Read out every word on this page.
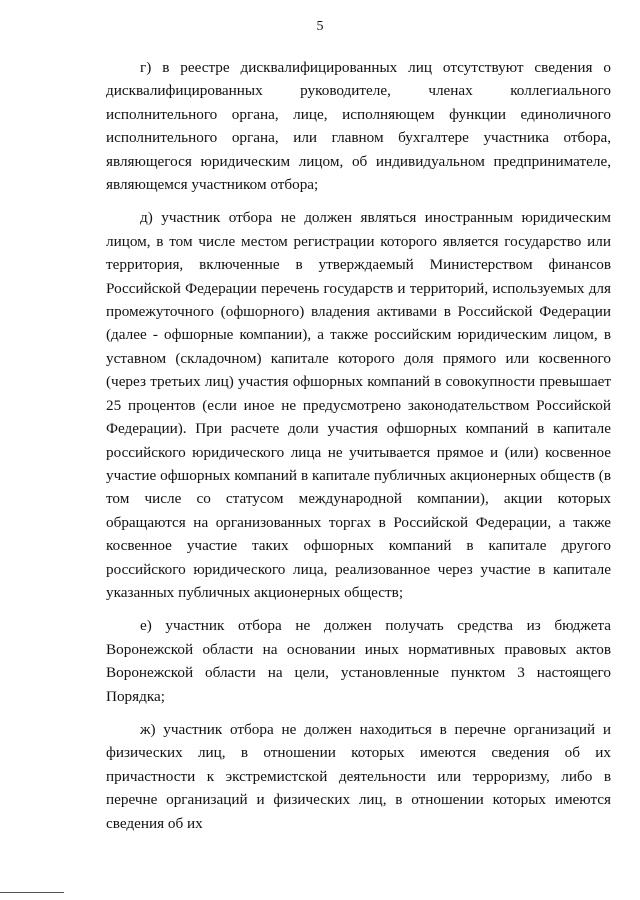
5

г) в реестре дисквалифицированных лиц отсутствуют сведения о дисквалифицированных руководителе, членах коллегиального исполнительного органа, лице, исполняющем функции единоличного исполнительного органа, или главном бухгалтере участника отбора, являющегося юридическим лицом, об индивидуальном предпринимателе, являющемся участником отбора;

д) участник отбора не должен являться иностранным юридическим лицом, в том числе местом регистрации которого является государство или территория, включенные в утверждаемый Министерством финансов Российской Федерации перечень государств и территорий, используемых для промежуточного (офшорного) владения активами в Российской Федерации (далее - офшорные компании), а также российским юридическим лицом, в уставном (складочном) капитале которого доля прямого или косвенного (через третьих лиц) участия офшорных компаний в совокупности превышает 25 процентов (если иное не предусмотрено законодательством Российской Федерации). При расчете доли участия офшорных компаний в капитале российского юридического лица не учитывается прямое и (или) косвенное участие офшорных компаний в капитале публичных акционерных обществ (в том числе со статусом международной компании), акции которых обращаются на организованных торгах в Российской Федерации, а также косвенное участие таких офшорных компаний в капитале другого российского юридического лица, реализованное через участие в капитале указанных публичных акционерных обществ;

е) участник отбора не должен получать средства из бюджета Воронежской области на основании иных нормативных правовых актов Воронежской области на цели, установленные пунктом 3 настоящего Порядка;

ж) участник отбора не должен находиться в перечне организаций и физических лиц, в отношении которых имеются сведения об их причастности к экстремистской деятельности или терроризму, либо в перечне организаций и физических лиц, в отношении которых имеются сведения об их
